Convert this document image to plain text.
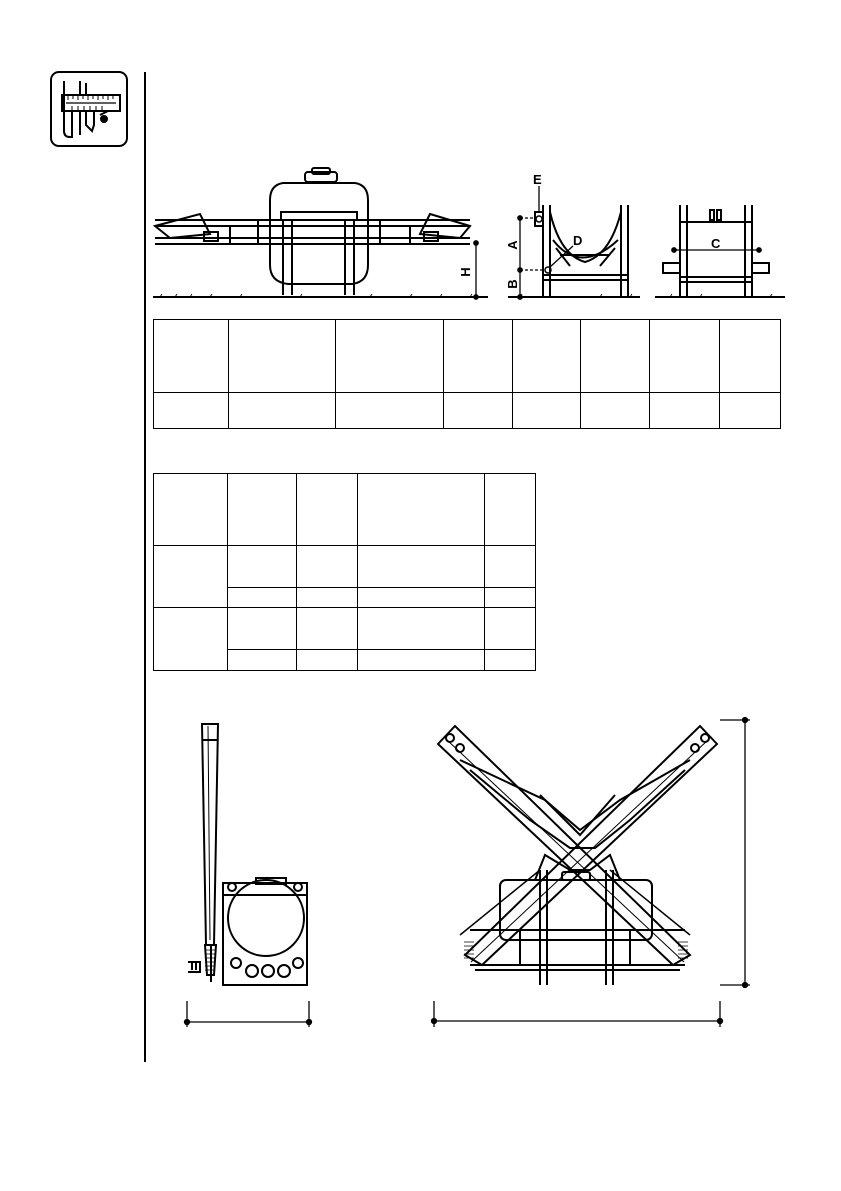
H
E
D
A
B
C
